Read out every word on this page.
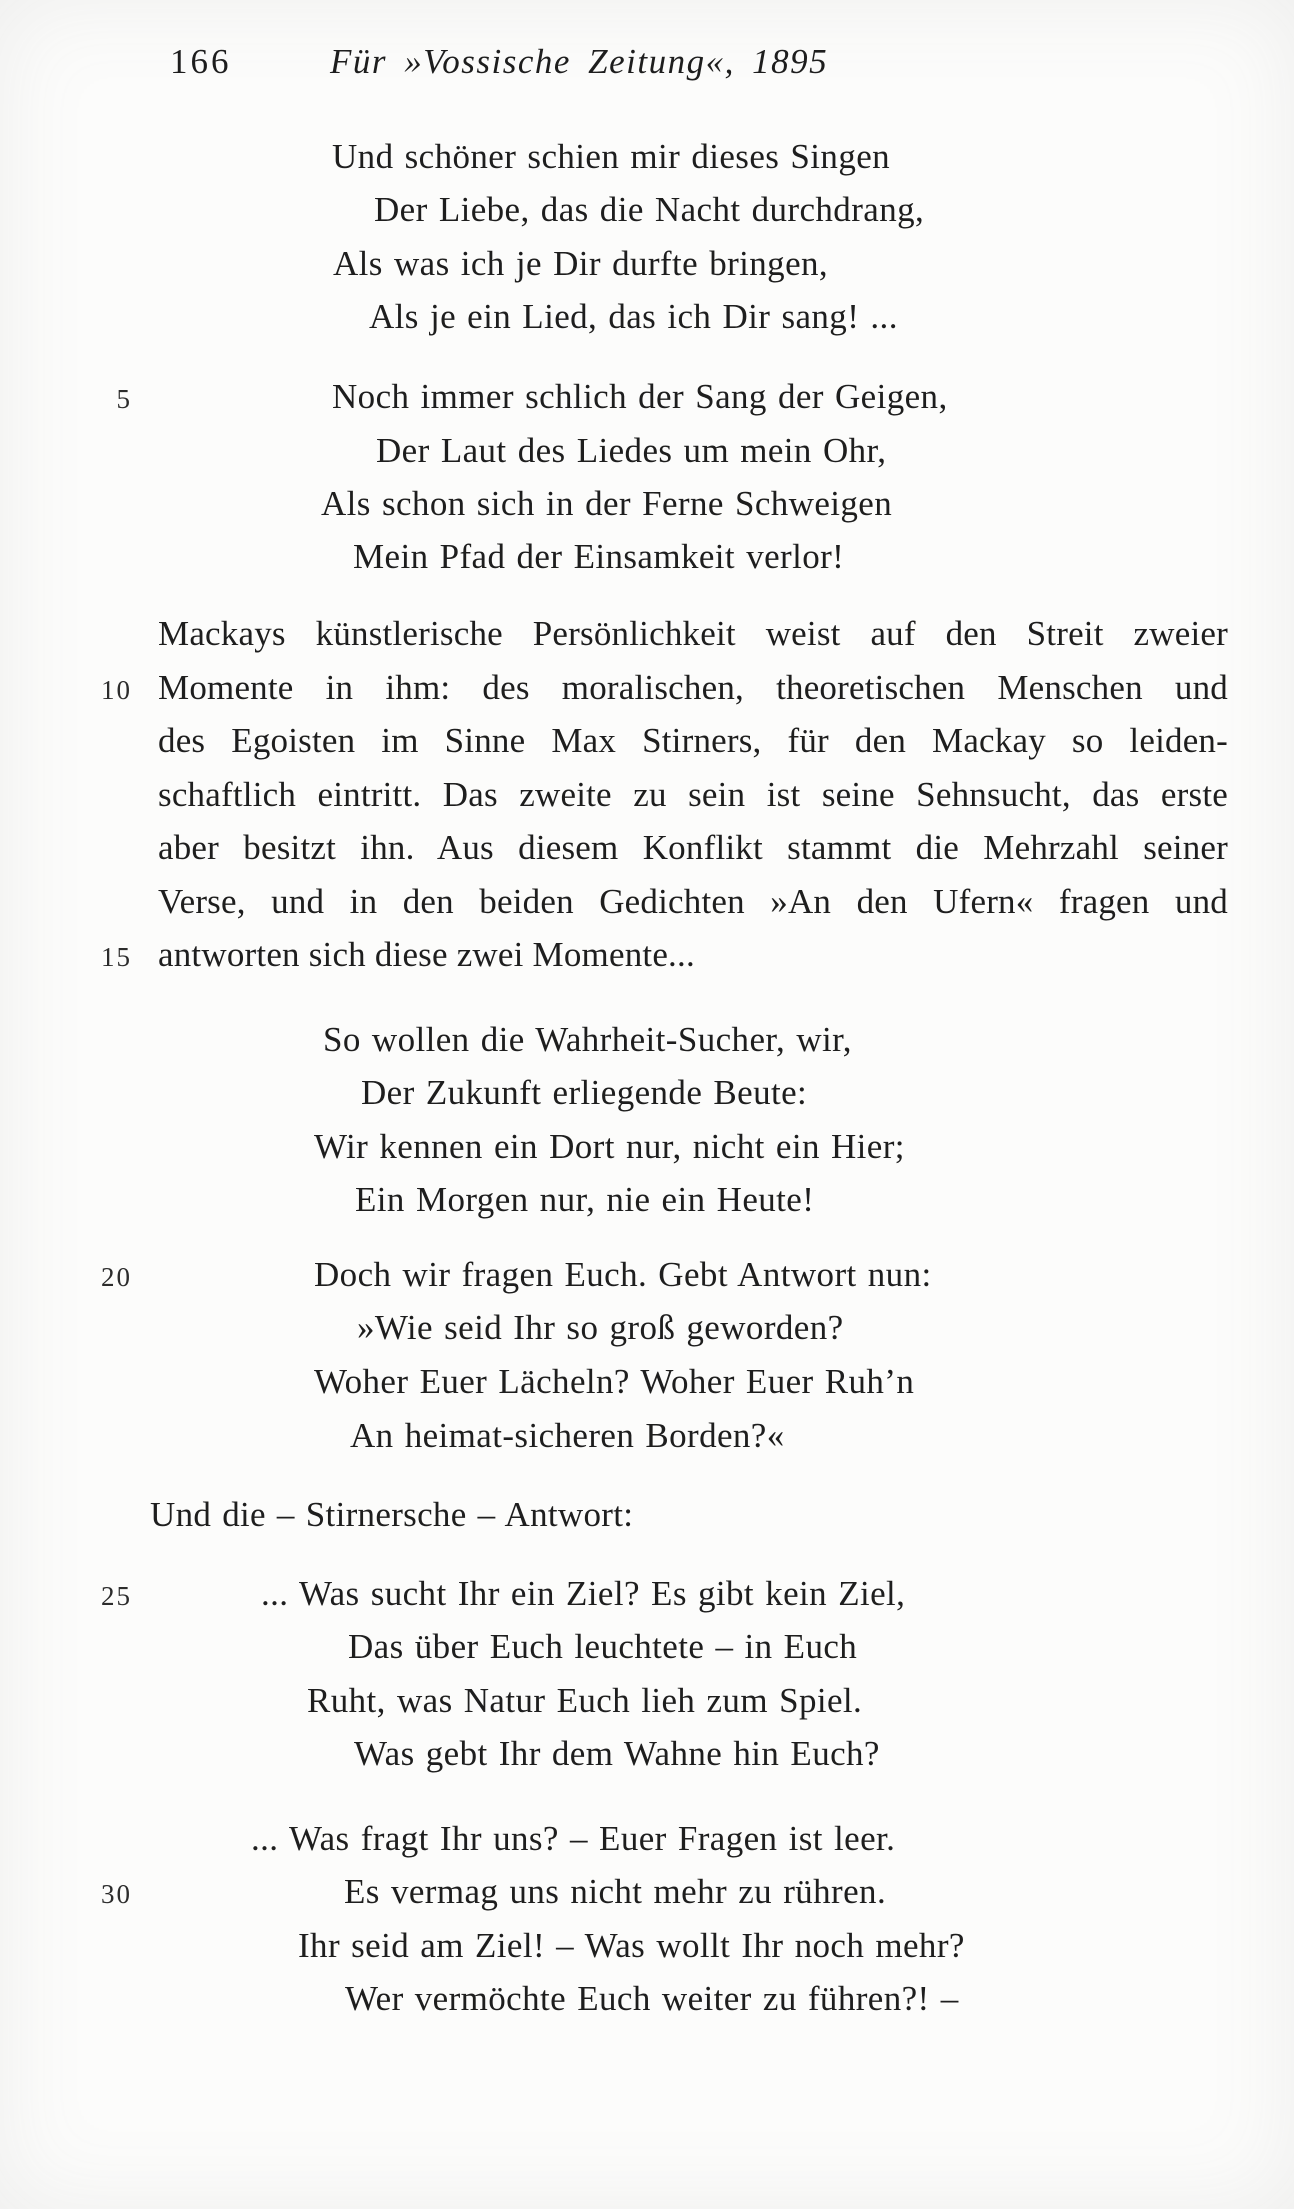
166	Für »Vossische Zeitung«, 1895
5
10
15
20
25
30
Und schöner schien mir dieses Singen
Der Liebe, das die Nacht durchdrang,
Als was ich je Dir durfte bringen,
Als je ein Lied, das ich Dir sang! ...
Noch immer schlich der Sang der Geigen,
Der Laut des Liedes um mein Ohr,
Als schon sich in der Ferne Schweigen
Mein Pfad der Einsamkeit verlor!
Mackays künstlerische Persönlichkeit weist auf den Streit zweier
Momente in ihm: des moralischen, theoretischen Menschen und
des Egoisten im Sinne Max Stirners, für den Mackay so leiden-
schaftlich eintritt. Das zweite zu sein ist seine Sehnsucht, das erste
aber besitzt ihn. Aus diesem Konflikt stammt die Mehrzahl seiner
Verse, und in den beiden Gedichten »An den Ufern« fragen und
antworten sich diese zwei Momente...
So wollen die Wahrheit-Sucher, wir,
Der Zukunft erliegende Beute:
Wir kennen ein Dort nur, nicht ein Hier;
Ein Morgen nur, nie ein Heute!
Doch wir fragen Euch. Gebt Antwort nun:
»Wie seid Ihr so groß geworden?
Woher Euer Lächeln? Woher Euer Ruh’n
An heimat-sicheren Borden?«
Und die – Stirnersche – Antwort:
... Was sucht Ihr ein Ziel? Es gibt kein Ziel,
Das über Euch leuchtete – in Euch
Ruht, was Natur Euch lieh zum Spiel.
Was gebt Ihr dem Wahne hin Euch?
... Was fragt Ihr uns? – Euer Fragen ist leer.
Es vermag uns nicht mehr zu rühren.
Ihr seid am Ziel! – Was wollt Ihr noch mehr?
Wer vermöchte Euch weiter zu führen?! –
